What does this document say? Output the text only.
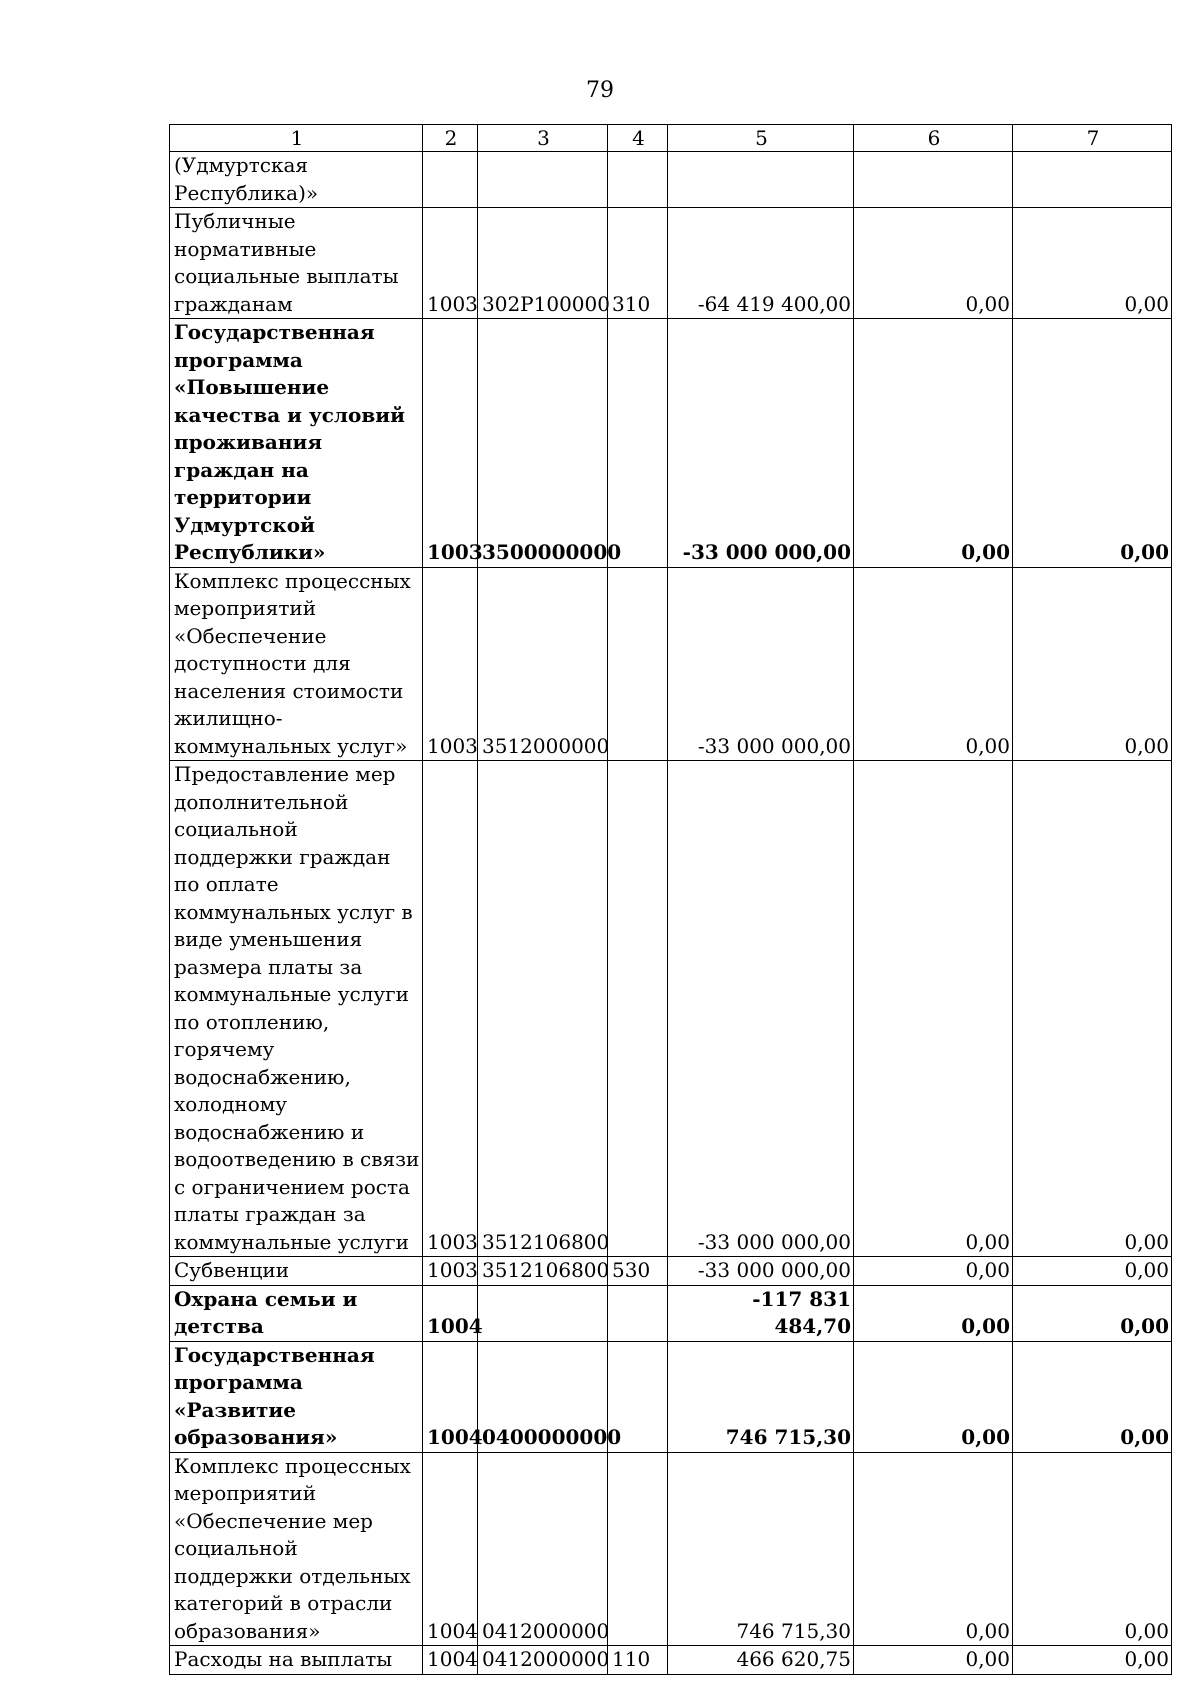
79
1	2	3	4	5	6	7
(Удмуртская Республика)»						
Публичные нормативные социальные выплаты гражданам	1003	302P100000	310	-64 419 400,00	0,00	0,00
Государственная программа «Повышение качества и условий проживания граждан на территории Удмуртской Республики»	1003	3500000000		-33 000 000,00	0,00	0,00
Комплекс процессных мероприятий «Обеспечение доступности для населения стоимости жилищно-коммунальных услуг»	1003	3512000000		-33 000 000,00	0,00	0,00
Предоставление мер дополнительной социальной поддержки граждан по оплате коммунальных услуг в виде уменьшения размера платы за коммунальные услуги по отоплению, горячему водоснабжению, холодному водоснабжению и водоотведению в связи с ограничением роста платы граждан за коммунальные услуги	1003	3512106800		-33 000 000,00	0,00	0,00
Субвенции	1003	3512106800	530	-33 000 000,00	0,00	0,00
Охрана семьи и детства	1004			-117 831 484,70	0,00	0,00
Государственная программа «Развитие образования»	1004	0400000000		746 715,30	0,00	0,00
Комплекс процессных мероприятий «Обеспечение мер социальной поддержки отдельных категорий в отрасли образования»	1004	0412000000		746 715,30	0,00	0,00
Расходы на выплаты	1004	0412000000	110	466 620,75	0,00	0,00
